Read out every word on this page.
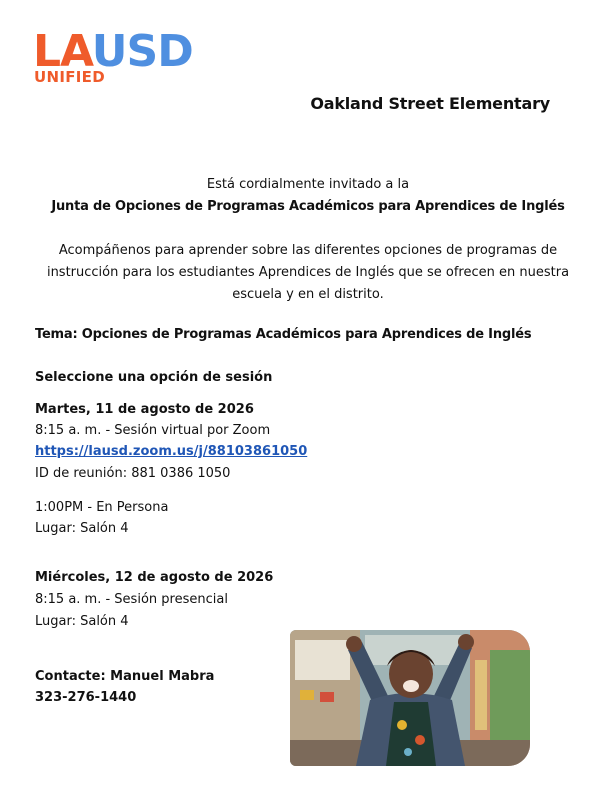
LAUSD
UNIFIED
Oakland Street Elementary
Está cordialmente invitado a la
Junta de Opciones de Programas Académicos para Aprendices de Inglés
Acompáñenos para aprender sobre las diferentes opciones de programas de instrucción para los estudiantes Aprendices de Inglés que se ofrecen en nuestra escuela y en el distrito.
Tema: Opciones de Programas Académicos para Aprendices de Inglés
Seleccione una opción de sesión
Martes, 11 de agosto de 2026
8:15 a. m. - Sesión virtual por Zoom
https://lausd.zoom.us/j/88103861050
ID de reunión: 881 0386 1050
1:00PM - En Persona
Lugar: Salón 4
Miércoles, 12 de agosto de 2026
8:15 a. m. - Sesión presencial
Lugar: Salón 4
Contacte: Manuel Mabra
323-276-1440
